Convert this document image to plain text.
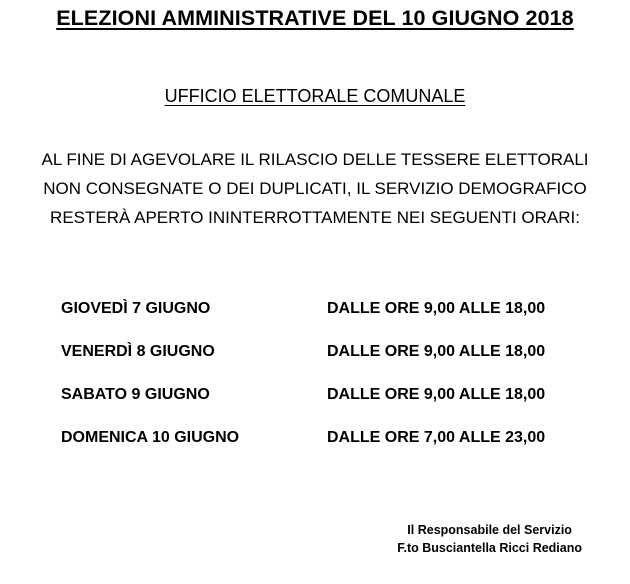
ELEZIONI AMMINISTRATIVE DEL 10 GIUGNO 2018
UFFICIO ELETTORALE COMUNALE
AL FINE DI AGEVOLARE IL RILASCIO DELLE TESSERE ELETTORALI
NON CONSEGNATE O DEI DUPLICATI, IL SERVIZIO DEMOGRAFICO
RESTERÀ APERTO ININTERROTTAMENTE NEI SEGUENTI ORARI:
GIOVEDÌ 7 GIUGNO	DALLE ORE 9,00 ALLE 18,00
VENERDÌ 8 GIUGNO	DALLE ORE 9,00 ALLE 18,00
SABATO 9 GIUGNO	DALLE ORE 9,00 ALLE 18,00
DOMENICA 10 GIUGNO	DALLE ORE 7,00 ALLE 23,00
Il Responsabile del Servizio
F.to Busciantella Ricci Rediano
